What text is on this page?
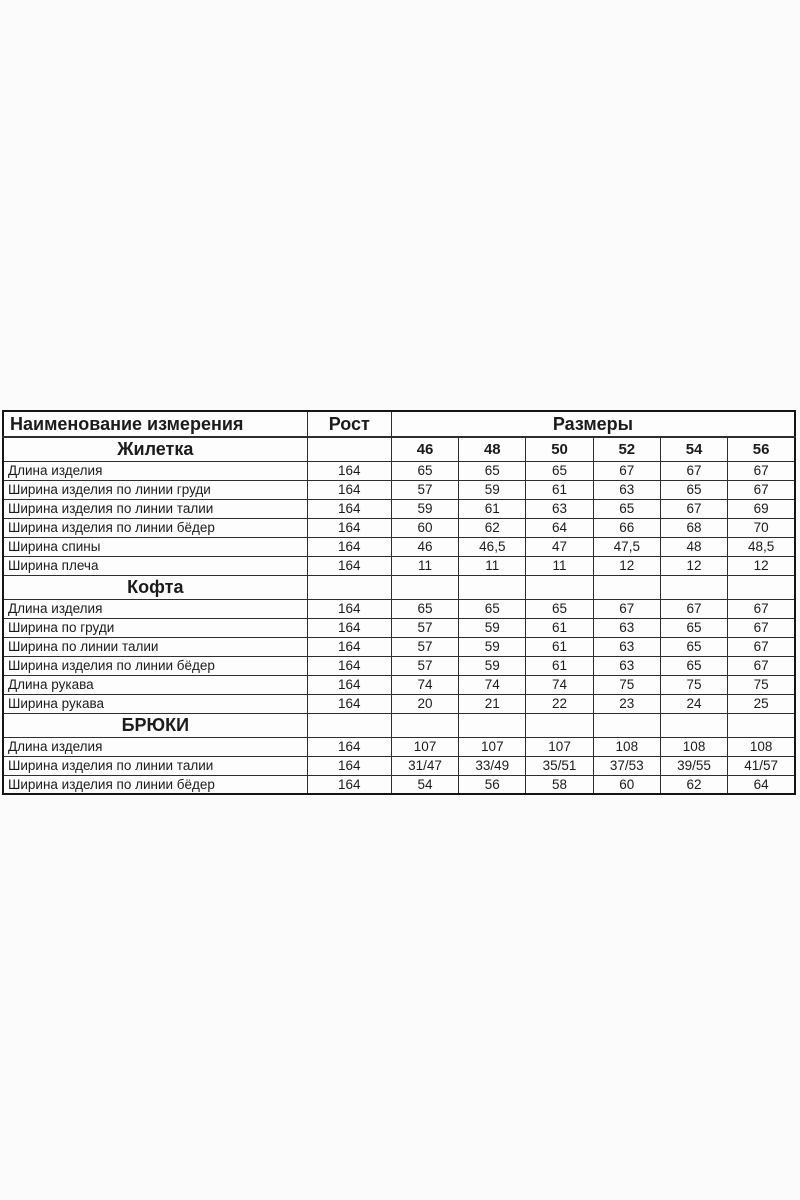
Наименование измерения	Рост	Размеры					
Жилетка		46	48	50	52	54	56
Длина изделия	164	65	65	65	67	67	67
Ширина изделия по линии груди	164	57	59	61	63	65	67
Ширина изделия по линии талии	164	59	61	63	65	67	69
Ширина изделия по линии бёдер	164	60	62	64	66	68	70
Ширина спины	164	46	46,5	47	47,5	48	48,5
Ширина плеча	164	11	11	11	12	12	12
Кофта							
Длина изделия	164	65	65	65	67	67	67
Ширина по груди	164	57	59	61	63	65	67
Ширина по линии талии	164	57	59	61	63	65	67
Ширина изделия по линии бёдер	164	57	59	61	63	65	67
Длина рукава	164	74	74	74	75	75	75
Ширина рукава	164	20	21	22	23	24	25
БРЮКИ							
Длина изделия	164	107	107	107	108	108	108
Ширина изделия по линии талии	164	31/47	33/49	35/51	37/53	39/55	41/57
Ширина изделия по линии бёдер	164	54	56	58	60	62	64
